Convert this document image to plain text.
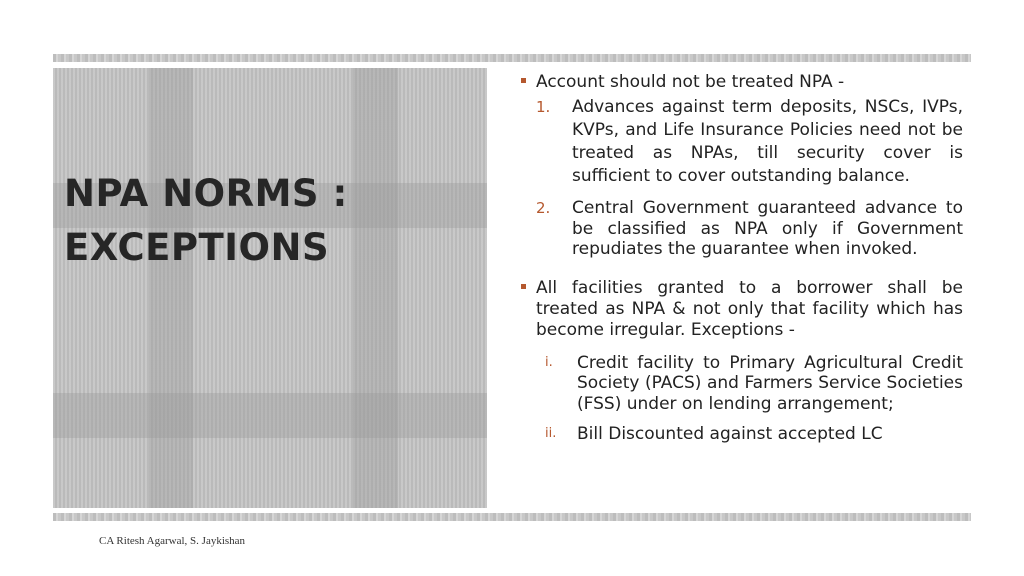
NPA NORMS :
EXCEPTIONS
Account should not be treated NPA -
1. Advances against term deposits, NSCs, IVPs, KVPs, and Life Insurance Policies need not be treated as NPAs, till security cover is sufficient to cover outstanding balance.
2. Central Government guaranteed advance to be classified as NPA only if Government repudiates the guarantee when invoked.
All facilities granted to a borrower shall be treated as NPA & not only that facility which has become irregular. Exceptions -
i. Credit facility to Primary Agricultural Credit Society (PACS) and Farmers Service Societies (FSS) under on lending arrangement;
ii. Bill Discounted against accepted LC
CA Ritesh Agarwal, S. Jaykishan
